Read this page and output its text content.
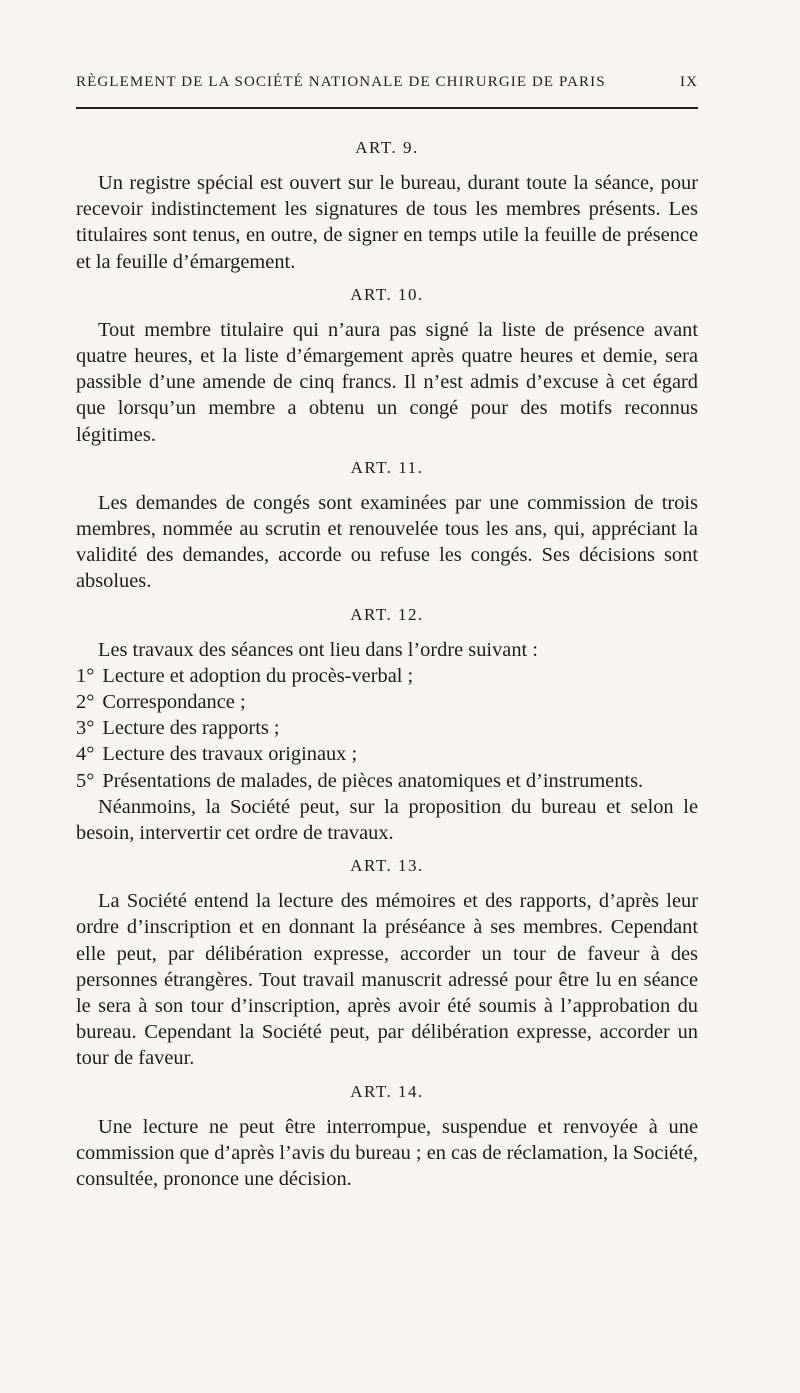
RÈGLEMENT DE LA SOCIÉTÉ NATIONALE DE CHIRURGIE DE PARIS	IX
ART. 9.

Un registre spécial est ouvert sur le bureau, durant toute la séance, pour recevoir indistinctement les signatures de tous les membres présents. Les titulaires sont tenus, en outre, de signer en temps utile la feuille de présence et la feuille d’émargement.

ART. 10.

Tout membre titulaire qui n’aura pas signé la liste de présence avant quatre heures, et la liste d’émargement après quatre heures et demie, sera passible d’une amende de cinq francs. Il n’est admis d’excuse à cet égard que lorsqu’un membre a obtenu un congé pour des motifs reconnus légitimes.

ART. 11.

Les demandes de congés sont examinées par une commission de trois membres, nommée au scrutin et renouvelée tous les ans, qui, appréciant la validité des demandes, accorde ou refuse les congés. Ses décisions sont absolues.

ART. 12.

Les travaux des séances ont lieu dans l’ordre suivant :

1° Lecture et adoption du procès-verbal ;
2° Correspondance ;
3° Lecture des rapports ;
4° Lecture des travaux originaux ;
5° Présentations de malades, de pièces anatomiques et d’instruments.

Néanmoins, la Société peut, sur la proposition du bureau et selon le besoin, intervertir cet ordre de travaux.

ART. 13.

La Société entend la lecture des mémoires et des rapports, d’après leur ordre d’inscription et en donnant la préséance à ses membres. Cependant elle peut, par délibération expresse, accorder un tour de faveur à des personnes étrangères. Tout travail manuscrit adressé pour être lu en séance le sera à son tour d’inscription, après avoir été soumis à l’approbation du bureau. Cependant la Société peut, par délibération expresse, accorder un tour de faveur.

ART. 14.

Une lecture ne peut être interrompue, suspendue et renvoyée à une commission que d’après l’avis du bureau ; en cas de réclamation, la Société, consultée, prononce une décision.
